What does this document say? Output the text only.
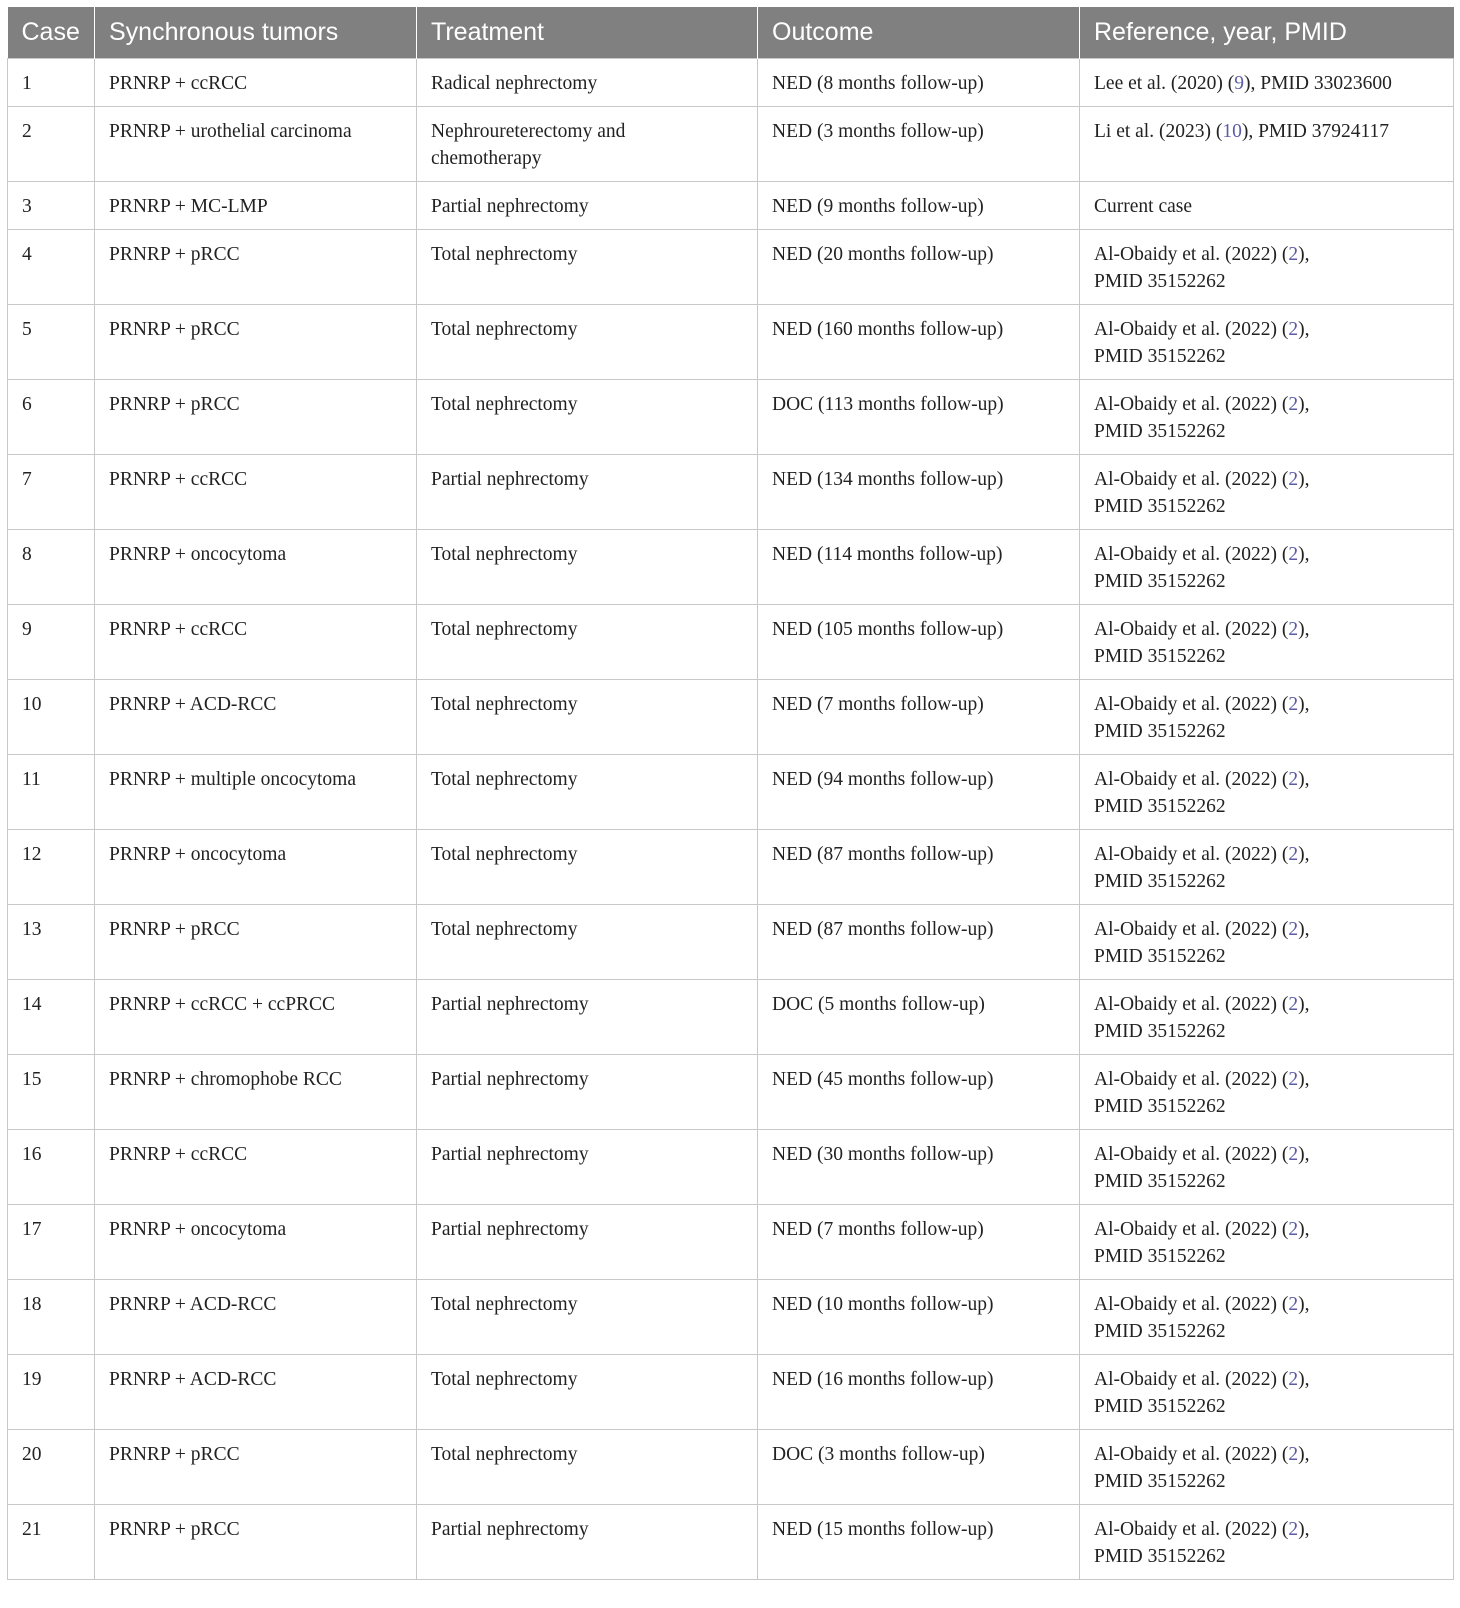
Case	Synchronous tumors	Treatment	Outcome	Reference, year, PMID
1	PRNRP + ccRCC	Radical nephrectomy	NED (8 months follow-up)	Lee et al. (2020) (9), PMID 33023600

2	PRNRP + urothelial carcinoma	Nephroureterectomy and chemotherapy	NED (3 months follow-up)	Li et al. (2023) (10), PMID 37924117

3	PRNRP + MC-LMP	Partial nephrectomy	NED (9 months follow-up)	Current case

4	PRNRP + pRCC	Total nephrectomy	NED (20 months follow-up)	Al-Obaidy et al. (2022) (2),
PMID 35152262
5	PRNRP + pRCC	Total nephrectomy	NED (160 months follow-up)	Al-Obaidy et al. (2022) (2),
PMID 35152262
6	PRNRP + pRCC	Total nephrectomy	DOC (113 months follow-up)	Al-Obaidy et al. (2022) (2),
PMID 35152262
7	PRNRP + ccRCC	Partial nephrectomy	NED (134 months follow-up)	Al-Obaidy et al. (2022) (2),
PMID 35152262
8	PRNRP + oncocytoma	Total nephrectomy	NED (114 months follow-up)	Al-Obaidy et al. (2022) (2),
PMID 35152262
9	PRNRP + ccRCC	Total nephrectomy	NED (105 months follow-up)	Al-Obaidy et al. (2022) (2),
PMID 35152262
10	PRNRP + ACD-RCC	Total nephrectomy	NED (7 months follow-up)	Al-Obaidy et al. (2022) (2),
PMID 35152262
11	PRNRP + multiple oncocytoma	Total nephrectomy	NED (94 months follow-up)	Al-Obaidy et al. (2022) (2),
PMID 35152262
12	PRNRP + oncocytoma	Total nephrectomy	NED (87 months follow-up)	Al-Obaidy et al. (2022) (2),
PMID 35152262
13	PRNRP + pRCC	Total nephrectomy	NED (87 months follow-up)	Al-Obaidy et al. (2022) (2),
PMID 35152262
14	PRNRP + ccRCC + ccPRCC	Partial nephrectomy	DOC (5 months follow-up)	Al-Obaidy et al. (2022) (2),
PMID 35152262
15	PRNRP + chromophobe RCC	Partial nephrectomy	NED (45 months follow-up)	Al-Obaidy et al. (2022) (2),
PMID 35152262
16	PRNRP + ccRCC	Partial nephrectomy	NED (30 months follow-up)	Al-Obaidy et al. (2022) (2),
PMID 35152262
17	PRNRP + oncocytoma	Partial nephrectomy	NED (7 months follow-up)	Al-Obaidy et al. (2022) (2),
PMID 35152262
18	PRNRP + ACD-RCC	Total nephrectomy	NED (10 months follow-up)	Al-Obaidy et al. (2022) (2),
PMID 35152262
19	PRNRP + ACD-RCC	Total nephrectomy	NED (16 months follow-up)	Al-Obaidy et al. (2022) (2),
PMID 35152262
20	PRNRP + pRCC	Total nephrectomy	DOC (3 months follow-up)	Al-Obaidy et al. (2022) (2),
PMID 35152262
21	PRNRP + pRCC	Partial nephrectomy	NED (15 months follow-up)	Al-Obaidy et al. (2022) (2),
PMID 35152262
